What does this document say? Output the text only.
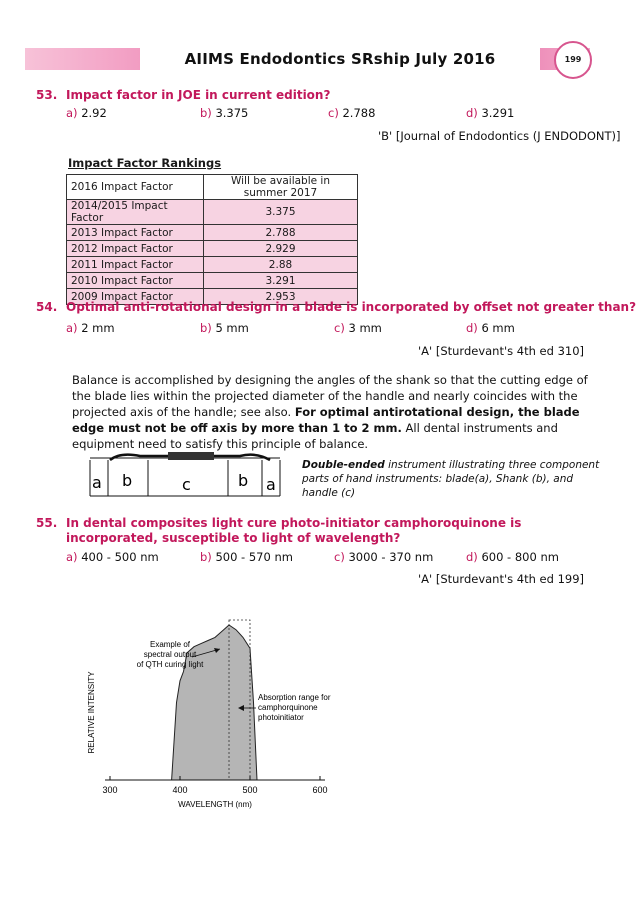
AIIMS Endodontics SRship July 2016	199
53. Impact factor in JOE in current edition?
a) 2.92	b) 3.375	c) 2.788	d) 3.291
'B' [Journal of Endodontics (J ENDODONT)]
Impact Factor Rankings
2016 Impact Factor	Will be available in summer 2017
2014/2015 Impact Factor	3.375
2013 Impact Factor	2.788
2012 Impact Factor	2.929
2011 Impact Factor	2.88
2010 Impact Factor	3.291
2009 Impact Factor	2.953
54. Optimal anti-rotational design in a blade is incorporated by offset not greater than?
a) 2 mm	b) 5 mm	c) 3 mm	d) 6 mm
'A' [Sturdevant's 4th ed 310]
Balance is accomplished by designing the angles of the shank so that the cutting edge of the blade lies within the projected diameter of the handle and nearly coincides with the projected axis of the handle; see also. For optimal antirotational design, the blade edge must not be off axis by more than 1 to 2 mm. All dental instruments and equipment need to satisfy this principle of balance.
a b	c	b a
Double-ended instrument illustrating three component parts of hand instruments: blade(a), Shank (b), and handle (c)
55. In dental composites light cure photo-initiator camphoroquinone is incorporated, susceptible to light of wavelength?
a) 400 - 500 nm	b) 500 - 570 nm	c) 3000 - 370 nm	d) 600 - 800 nm
'A' [Sturdevant's 4th ed 199]
300	400	500	600
RELATIVE INTENSITY
WAVELENGTH (nm)
Example of
spectral output
of QTH curing light
Absorption range for
camphorquinone
photoinitiator
